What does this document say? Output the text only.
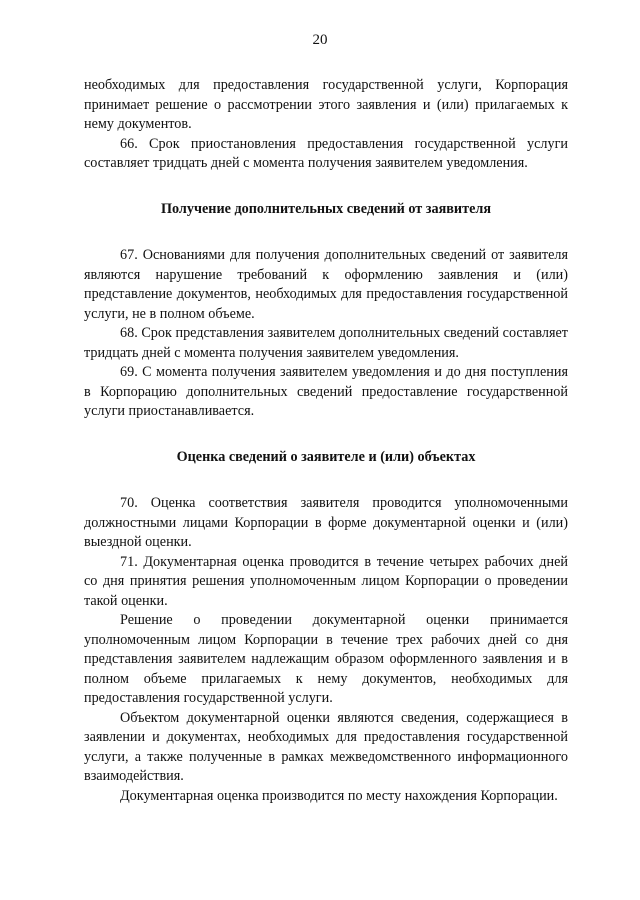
20

необходимых для предоставления государственной услуги, Корпорация принимает решение о рассмотрении этого заявления и (или) прилагаемых к нему документов.

66. Срок приостановления предоставления государственной услуги составляет тридцать дней с момента получения заявителем уведомления.

Получение дополнительных сведений от заявителя

67. Основаниями для получения дополнительных сведений от заявителя являются нарушение требований к оформлению заявления и (или) представление документов, необходимых для предоставления государственной услуги, не в полном объеме.

68. Срок представления заявителем дополнительных сведений составляет тридцать дней с момента получения заявителем уведомления.

69. С момента получения заявителем уведомления и до дня поступления в Корпорацию дополнительных сведений предоставление государственной услуги приостанавливается.

Оценка сведений о заявителе и (или) объектах

70. Оценка соответствия заявителя проводится уполномоченными должностными лицами Корпорации в форме документарной оценки и (или) выездной оценки.

71. Документарная оценка проводится в течение четырех рабочих дней со дня принятия решения уполномоченным лицом Корпорации о проведении такой оценки.

Решение о проведении документарной оценки принимается уполномоченным лицом Корпорации в течение трех рабочих дней со дня представления заявителем надлежащим образом оформленного заявления и в полном объеме прилагаемых к нему документов, необходимых для предоставления государственной услуги.

Объектом документарной оценки являются сведения, содержащиеся в заявлении и документах, необходимых для предоставления государственной услуги, а также полученные в рамках межведомственного информационного взаимодействия.

Документарная оценка производится по месту нахождения Корпорации.
